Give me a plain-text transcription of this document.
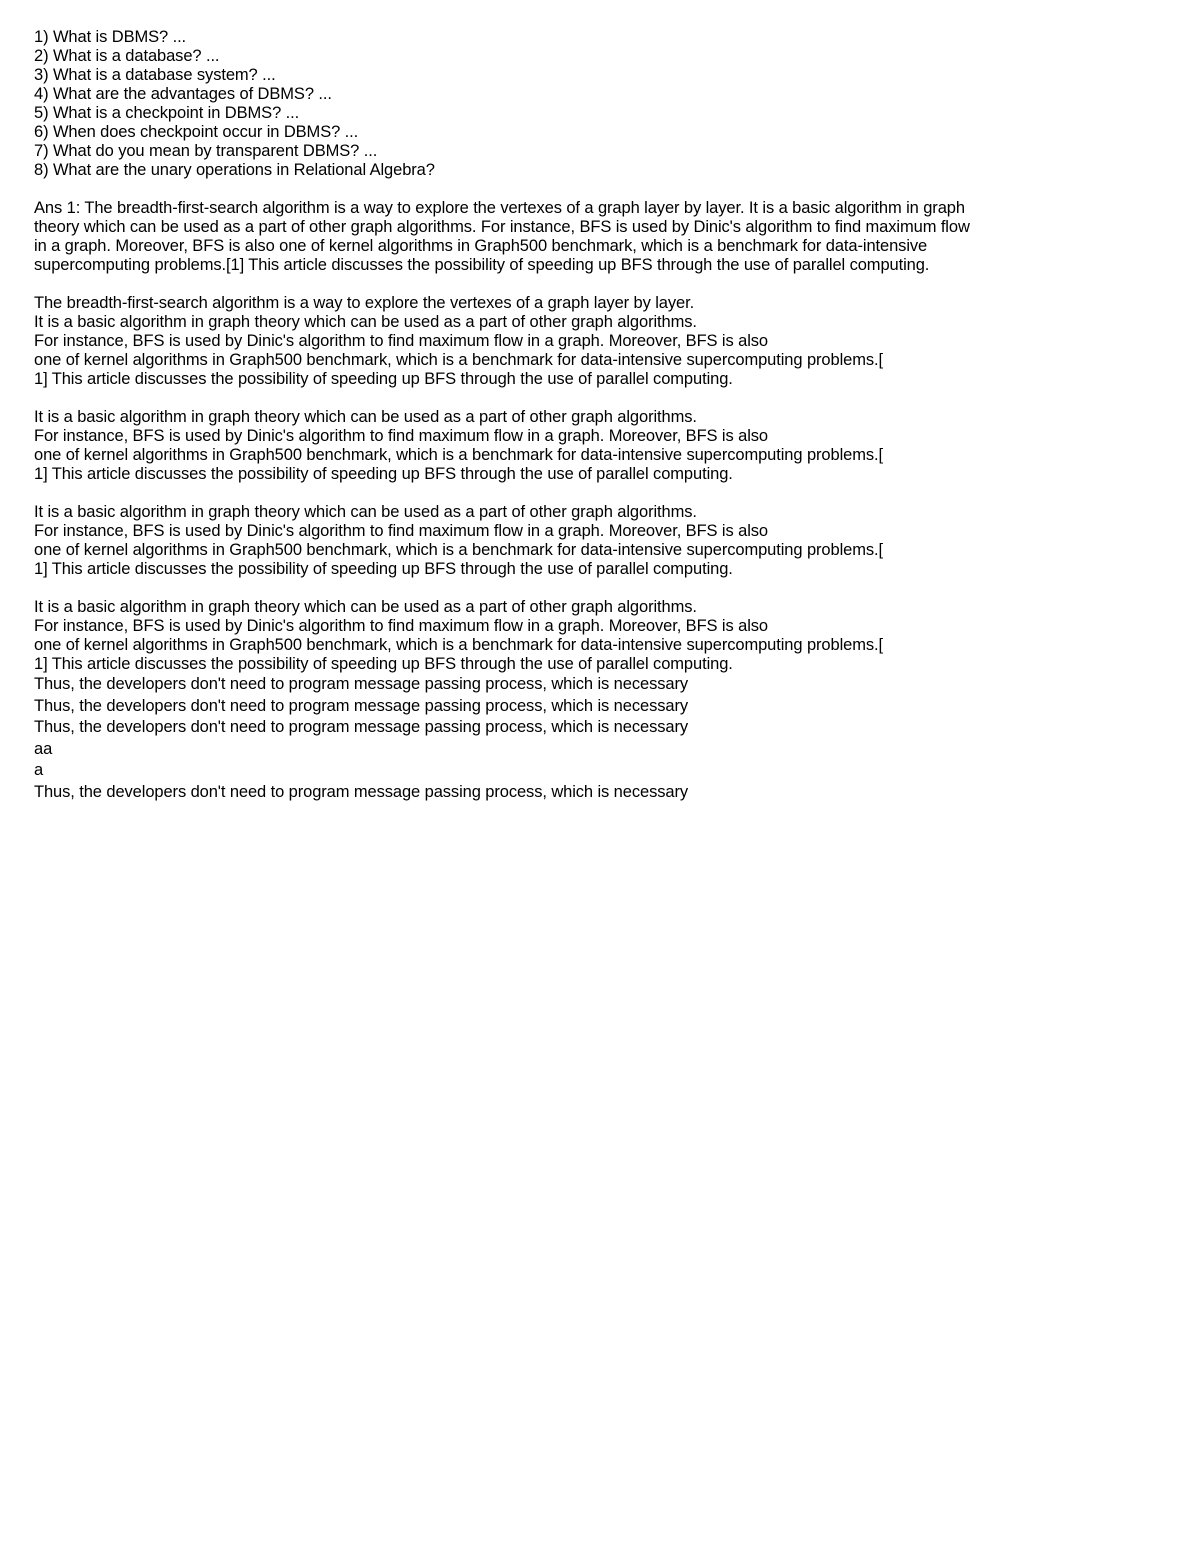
1) What is DBMS? ...
2) What is a database? ...
3) What is a database system? ...
4) What are the advantages of DBMS? ...
5) What is a checkpoint in DBMS? ...
6) When does checkpoint occur in DBMS? ...
7) What do you mean by transparent DBMS? ...
8) What are the unary operations in Relational Algebra?
Ans 1: The breadth-first-search algorithm is a way to explore the vertexes of a graph layer by layer. It is a basic algorithm in graph
theory which can be used as a part of other graph algorithms. For instance, BFS is used by Dinic's algorithm to find maximum flow
in a graph. Moreover, BFS is also one of kernel algorithms in Graph500 benchmark, which is a benchmark for data-intensive
supercomputing problems.[1] This article discusses the possibility of speeding up BFS through the use of parallel computing.
The breadth-first-search algorithm is a way to explore the vertexes of a graph layer by layer.
It is a basic algorithm in graph theory which can be used as a part of other graph algorithms.
For instance, BFS is used by Dinic's algorithm to find maximum flow in a graph. Moreover, BFS is also
one of kernel algorithms in Graph500 benchmark, which is a benchmark for data-intensive supercomputing problems.[
1] This article discusses the possibility of speeding up BFS through the use of parallel computing.
It is a basic algorithm in graph theory which can be used as a part of other graph algorithms.
For instance, BFS is used by Dinic's algorithm to find maximum flow in a graph. Moreover, BFS is also
one of kernel algorithms in Graph500 benchmark, which is a benchmark for data-intensive supercomputing problems.[
1] This article discusses the possibility of speeding up BFS through the use of parallel computing.
It is a basic algorithm in graph theory which can be used as a part of other graph algorithms.
For instance, BFS is used by Dinic's algorithm to find maximum flow in a graph. Moreover, BFS is also
one of kernel algorithms in Graph500 benchmark, which is a benchmark for data-intensive supercomputing problems.[
1] This article discusses the possibility of speeding up BFS through the use of parallel computing.
It is a basic algorithm in graph theory which can be used as a part of other graph algorithms.
For instance, BFS is used by Dinic's algorithm to find maximum flow in a graph. Moreover, BFS is also
one of kernel algorithms in Graph500 benchmark, which is a benchmark for data-intensive supercomputing problems.[
1] This article discusses the possibility of speeding up BFS through the use of parallel computing.
Thus, the developers don't need to program message passing process, which is necessary
Thus, the developers don't need to program message passing process, which is necessary
Thus, the developers don't need to program message passing process, which is necessary
aa
a
Thus, the developers don't need to program message passing process, which is necessary
